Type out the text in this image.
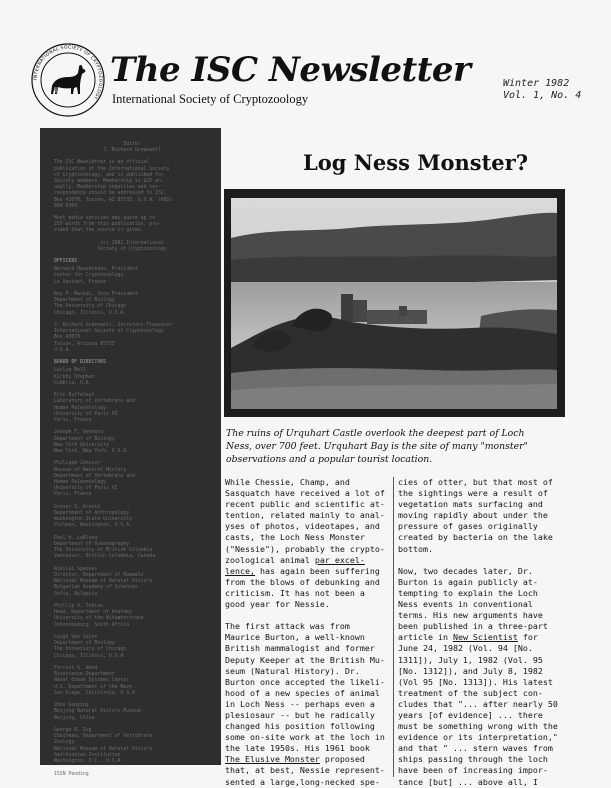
INTERNATIONAL SOCIETY OF CRYPTOZOOLOGY
The ISC Newsletter
International Society of Cryptozoology
Winter 1982
Vol. 1, No. 4
Editor
J. Richard Greenwell
The ISC Newsletter is an official
publication of the International Society
of Cryptozoology, and is published for
Society members. Membership is $25 an-
nually. Membership inquiries and cor-
respondence should be addressed to ISC,
Box 43070, Tucson, AZ 85733, U.S.A. (602)
884-8369.
Most media services may quote up to
250 words from this publication, pro-
vided that the source is given.
(c) 1982 International
Society of Cryptozoology
OFFICERS
Bernard Heuvelmans, President
Center for Cryptozoology
Le Vesinet, France

Roy P. Mackal, Vice President
Department of Biology
The University of Chicago
Chicago, Illinois, U.S.A.

J. Richard Greenwell, Secretary-Treasurer
International Society of Cryptozoology
Box 43070
Tucson, Arizona 85733
U.S.A.
BOARD OF DIRECTORS
Leslie Bell
Kirkby Stephen
Cumbria, U.K.

Eric Buffetaut
Laboratory of Vertebrate and
Human Paleontology
University of Paris VI
Paris, France

Joseph F. Gennaro
Department of Biology
New York University
New York, New York, U.S.A.

Philippe Janvier
Museum of Natural History
Department of Vertebrate and
Human Paleontology
University of Paris VI
Paris, France

Grover S. Krantz
Department of Anthropology
Washington State University
Pullman, Washington, U.S.A.

Paul H. LeBlond
Department of Oceanography
The University of British Columbia
Vancouver, British Columbia, Canada

Nikolai Spassov
Director, Department of Mammals
National Museum of Natural History
Bulgarian Academy of Sciences
Sofia, Bulgaria

Phillip V. Tobias
Head, Department of Anatomy
University of the Witwatersrand
Johannesburg, South Africa

Leigh Van Valen
Department of Biology
The University of Chicago
Chicago, Illinois, U.S.A.

Forrest G. Wood
Bioscience Department
Naval Ocean Systems Center
U.S. Department of the Navy
San Diego, California, U.S.A.

Zhou Guoxing
Beijing Natural History Museum
Beijing, China

George R. Zug
Chairman, Department of Vertebrate
Zoology
National Museum of Natural History
Smithsonian Institution
Washington, D.C., U.S.A.

ISSN Pending
Log Ness Monster?
The ruins of Urquhart Castle overlook the deepest part of Loch
Ness, over 700 feet. Urquhart Bay is the site of many "monster"
observations and a popular tourist location.
While Chessie, Champ, and
Sasquatch have received a lot of
recent public and scientific at-
tention, related mainly to anal-
yses of photos, videotapes, and
casts, the Loch Ness Monster
("Nessie"), probably the crypto-
zoological animal par excel-
lence, has again been suffering
from the blows of debunking and
criticism. It has not been a
good year for Nessie.

The first attack was from
Maurice Burton, a well-known
British mammalogist and former
Deputy Keeper at the British Mu-
seum (Natural History). Dr.
Burton once accepted the likeli-
hood of a new species of animal
in Loch Ness -- perhaps even a
plesiosaur -- but he radically
changed his position following
some on-site work at the loch in
the late 1950s. His 1961 book
The Elusive Monster proposed
that, at best, Nessie represent-
sented a large,long-necked spe-
cies of otter, but that most of
the sightings were a result of
vegetation mats surfacing and
moving rapidly about under the
pressure of gases originally
created by bacteria on the lake
bottom.

Now, two decades later, Dr.
Burton is again publicly at-
tempting to explain the Loch
Ness events in conventional
terms. His new arguments have
been published in a three-part
article in New Scientist for
June 24, 1982 (Vol. 94 [No.
1311]), July 1, 1982 (Vol. 95
[No. 1312]), and July 8, 1982
(Vol 95 [No. 1313]). His latest
treatment of the subject con-
cludes that "... after nearly 50
years [of evidence] ... there
must be something wrong with the
evidence or its interpretation,"
and that " ... stern waves from
ships passing through the loch
have been of increasing impor-
tance [but] ... above all, I
